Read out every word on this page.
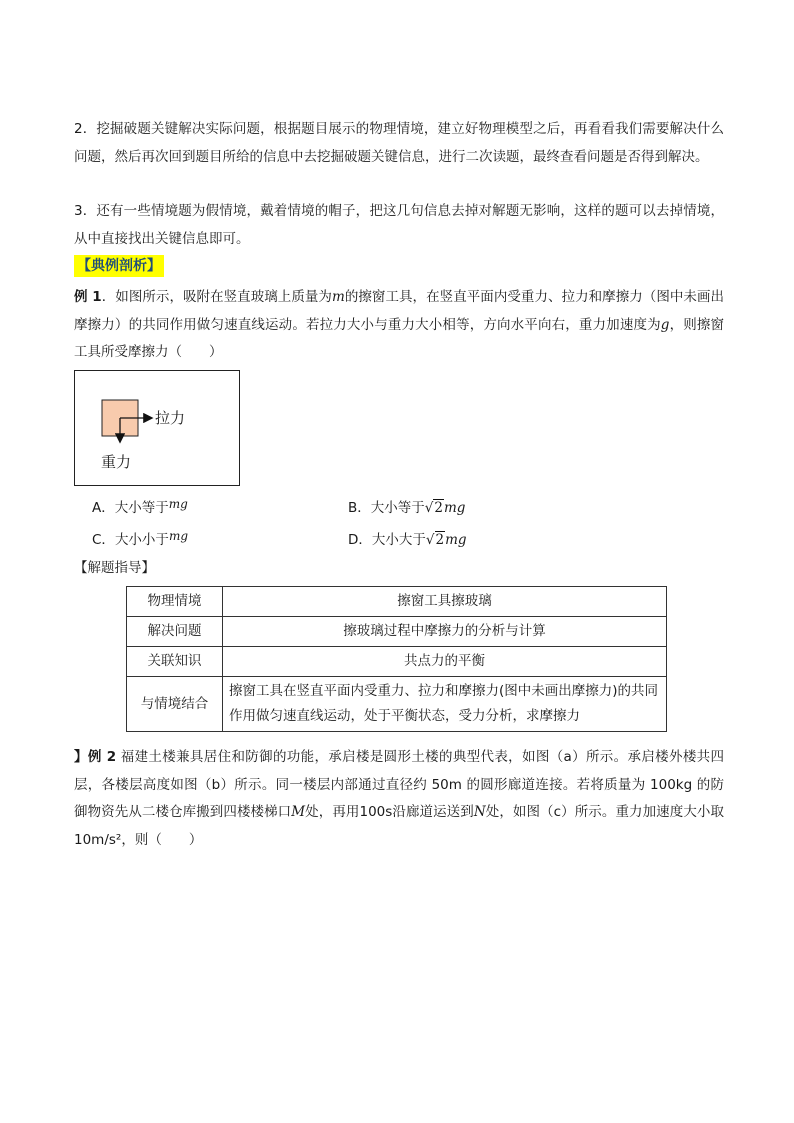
2．挖掘破题关键解决实际问题，根据题目展示的物理情境，建立好物理模型之后，再看看我们需要解决什么问题，然后再次回到题目所给的信息中去挖掘破题关键信息，进行二次读题，最终查看问题是否得到解决。

3．还有一些情境题为假情境，戴着情境的帽子，把这几句信息去掉对解题无影响，这样的题可以去掉情境，从中直接找出关键信息即可。

【典例剖析】

例 1．如图所示，吸附在竖直玻璃上质量为m的擦窗工具，在竖直平面内受重力、拉力和摩擦力（图中未画出摩擦力）的共同作用做匀速直线运动。若拉力大小与重力大小相等，方向水平向右，重力加速度为g，则擦窗工具所受摩擦力（　　）

拉力
重力
A．大小等于mg	B．大小等于√2mg
C．大小小于mg	D．大小大于√2mg
【解题指导】
物理情境	擦窗工具擦玻璃
解决问题	擦玻璃过程中摩擦力的分析与计算
关联知识	共点力的平衡
与情境结合	擦窗工具在竖直平面内受重力、拉力和摩擦力(图中未画出摩擦力)的共同作用做匀速直线运动，处于平衡状态，受力分析，求摩擦力

】例 2 福建土楼兼具居住和防御的功能，承启楼是圆形土楼的典型代表，如图（a）所示。承启楼外楼共四层，各楼层高度如图（b）所示。同一楼层内部通过直径约 50m 的圆形廊道连接。若将质量为 100kg 的防御物资先从二楼仓库搬到四楼楼梯口M处，再用100s沿廊道运送到N处，如图（c）所示。重力加速度大小取10m/s²，则（　　）
